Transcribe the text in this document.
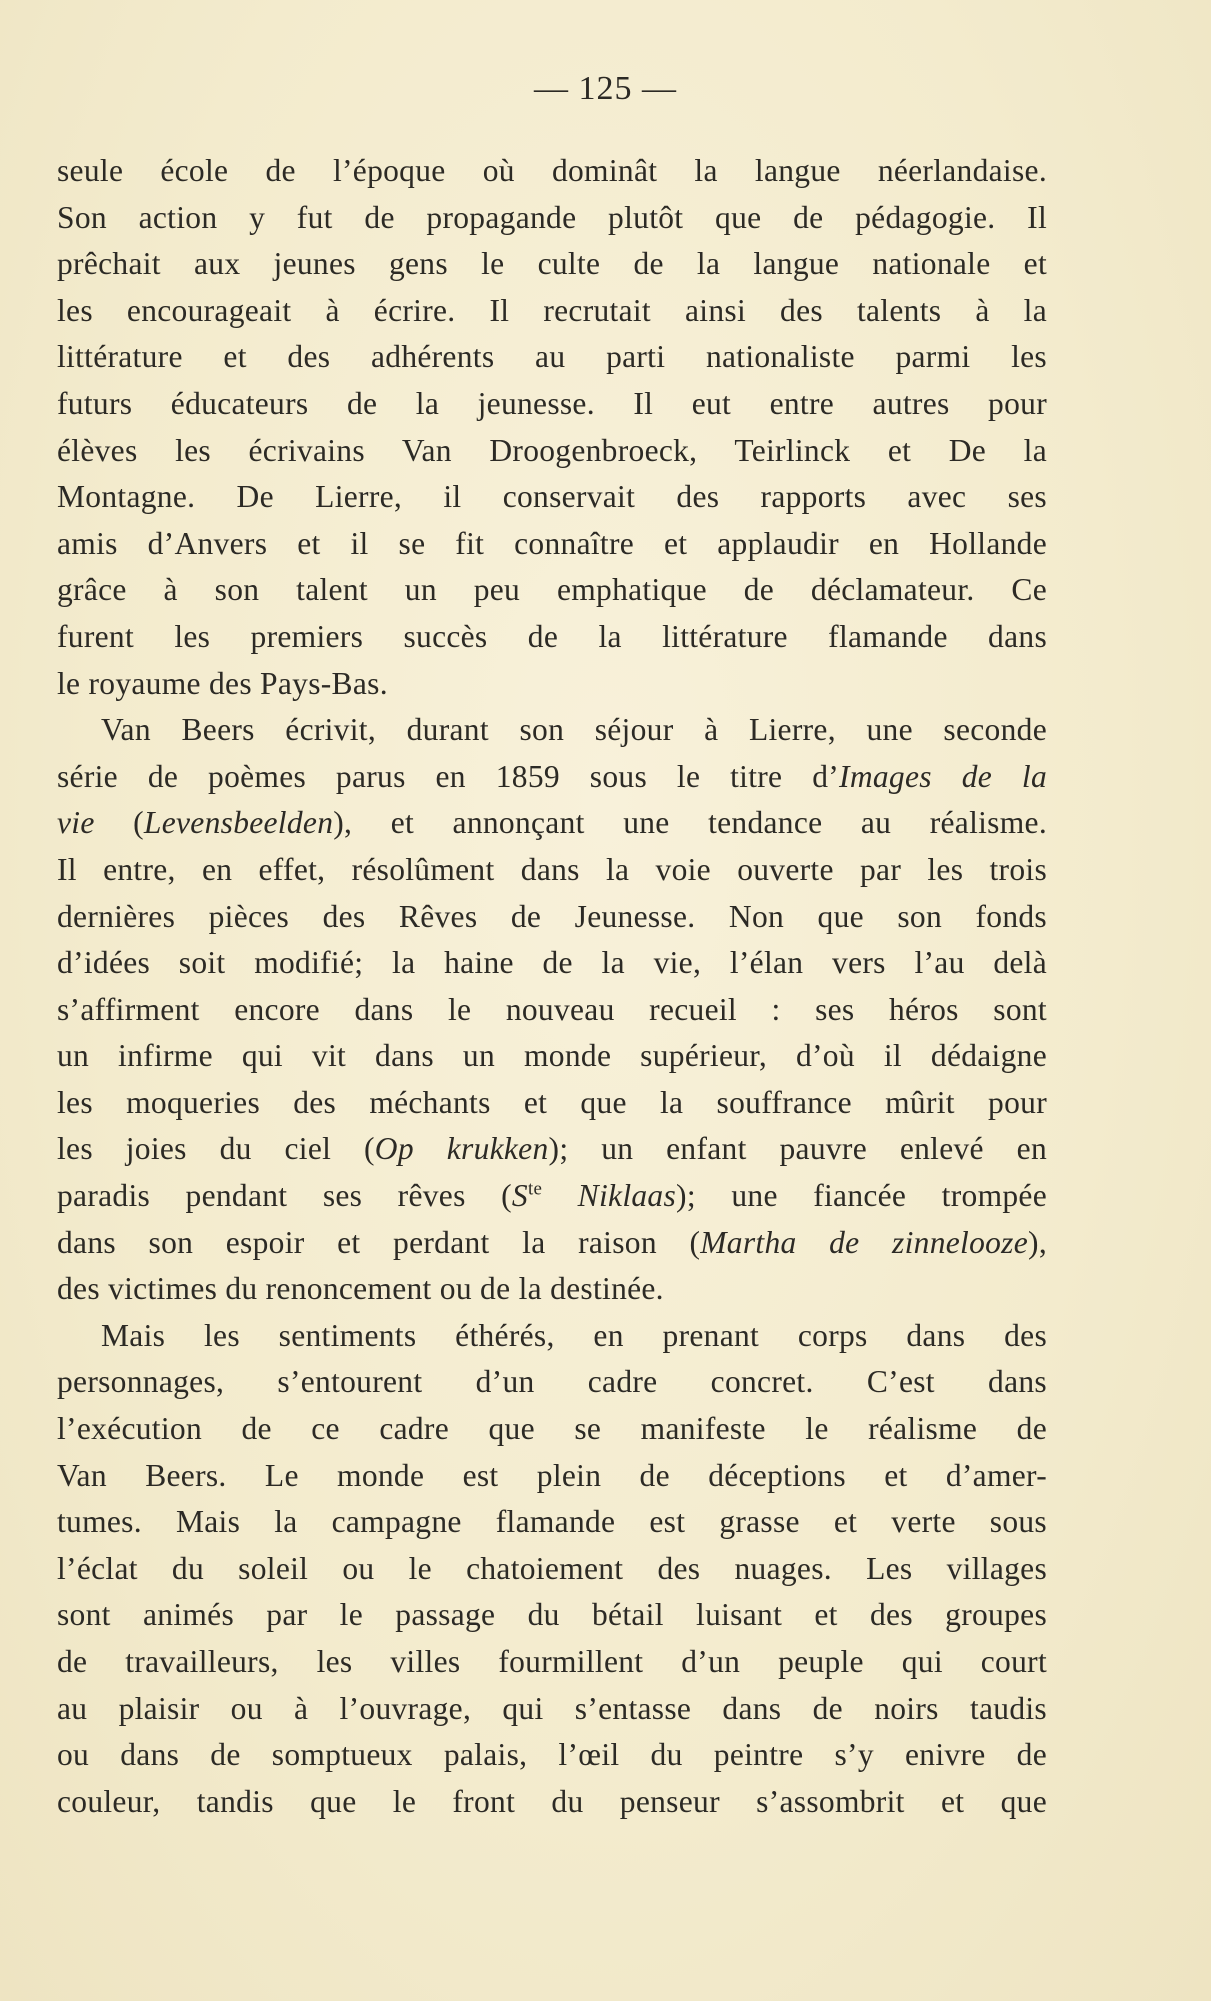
— 125 —
seule école de l’époque où dominât la langue néerlandaise.
Son action y fut de propagande plutôt que de pédagogie. Il
prêchait aux jeunes gens le culte de la langue nationale et
les encourageait à écrire. Il recrutait ainsi des talents à la
littérature et des adhérents au parti nationaliste parmi les
futurs éducateurs de la jeunesse. Il eut entre autres pour
élèves les écrivains Van Droogenbroeck, Teirlinck et De la
Montagne. De Lierre, il conservait des rapports avec ses
amis d’Anvers et il se fit connaître et applaudir en Hollande
grâce à son talent un peu emphatique de déclamateur. Ce
furent les premiers succès de la littérature flamande dans
le royaume des Pays-Bas.
Van Beers écrivit, durant son séjour à Lierre, une seconde
série de poèmes parus en 1859 sous le titre d’Images de la
vie (Levensbeelden), et annonçant une tendance au réalisme.
Il entre, en effet, résolûment dans la voie ouverte par les trois
dernières pièces des Rêves de Jeunesse. Non que son fonds
d’idées soit modifié; la haine de la vie, l’élan vers l’au delà
s’affirment encore dans le nouveau recueil : ses héros sont
un infirme qui vit dans un monde supérieur, d’où il dédaigne
les moqueries des méchants et que la souffrance mûrit pour
les joies du ciel (Op krukken); un enfant pauvre enlevé en
paradis pendant ses rêves ($S^{te}$ Niklaas); une fiancée trompée
dans son espoir et perdant la raison (Martha de zinnelooze),
des victimes du renoncement ou de la destinée.
Mais les sentiments éthérés, en prenant corps dans des
personnages, s’entourent d’un cadre concret. C’est dans
l’exécution de ce cadre que se manifeste le réalisme de
Van Beers. Le monde est plein de déceptions et d’amer-
tumes. Mais la campagne flamande est grasse et verte sous
l’éclat du soleil ou le chatoiement des nuages. Les villages
sont animés par le passage du bétail luisant et des groupes
de travailleurs, les villes fourmillent d’un peuple qui court
au plaisir ou à l’ouvrage, qui s’entasse dans de noirs taudis
ou dans de somptueux palais, l’œil du peintre s’y enivre de
couleur, tandis que le front du penseur s’assombrit et que
